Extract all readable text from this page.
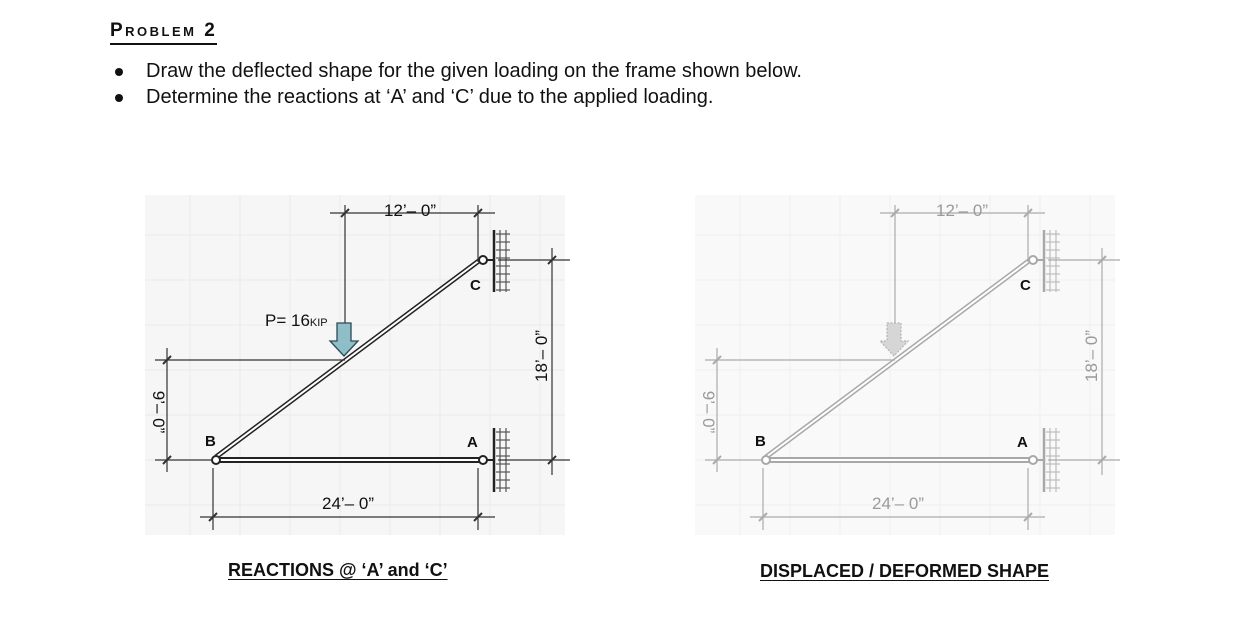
Problem 2
Draw the deflected shape for the given loading on the frame shown below.
Determine the reactions at ‘A’ and ‘C’ due to the applied loading.
12’– 0”
18’– 0”
9’– 0”
24’– 0”
P= 16KIP
B	A
C
12’– 0”
18’– 0”
9’– 0”
24’– 0”
B	A
C
REACTIONS @ ‘A’ and ‘C’	DISPLACED / DEFORMED SHAPE
